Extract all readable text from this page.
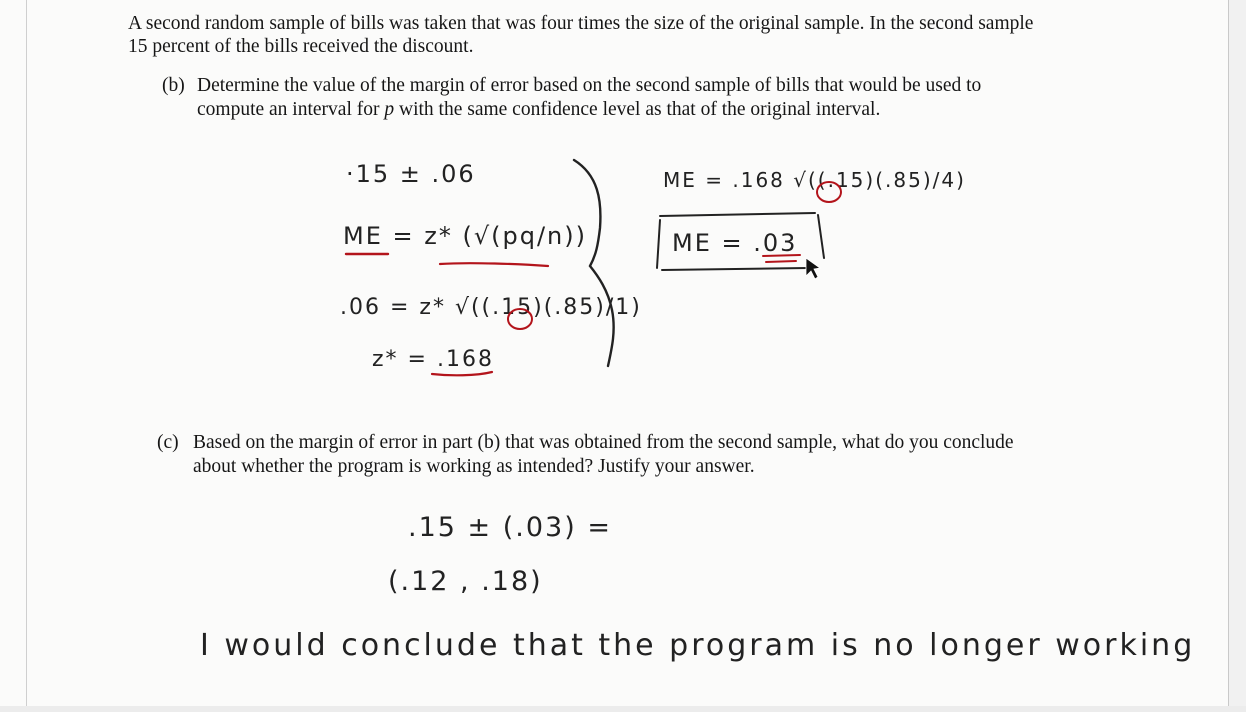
A second random sample of bills was taken that was four times the size of the original sample. In the second sample
15 percent of the bills received the discount.
(b) Determine the value of the margin of error based on the second sample of bills that would be used to
compute an interval for p with the same confidence level as that of the original interval.
·15 ± .06
ME = z* (√(pq/n))
.06 = z* √((.15)(.85)/1)
z* = .168
ME = .168 √((.15)(.85)/4)
ME = .03
(c) Based on the margin of error in part (b) that was obtained from the second sample, what do you conclude
about whether the program is working as intended? Justify your answer.
.15 ± (.03) =
(.12 , .18)
I would conclude that the program is no longer working
